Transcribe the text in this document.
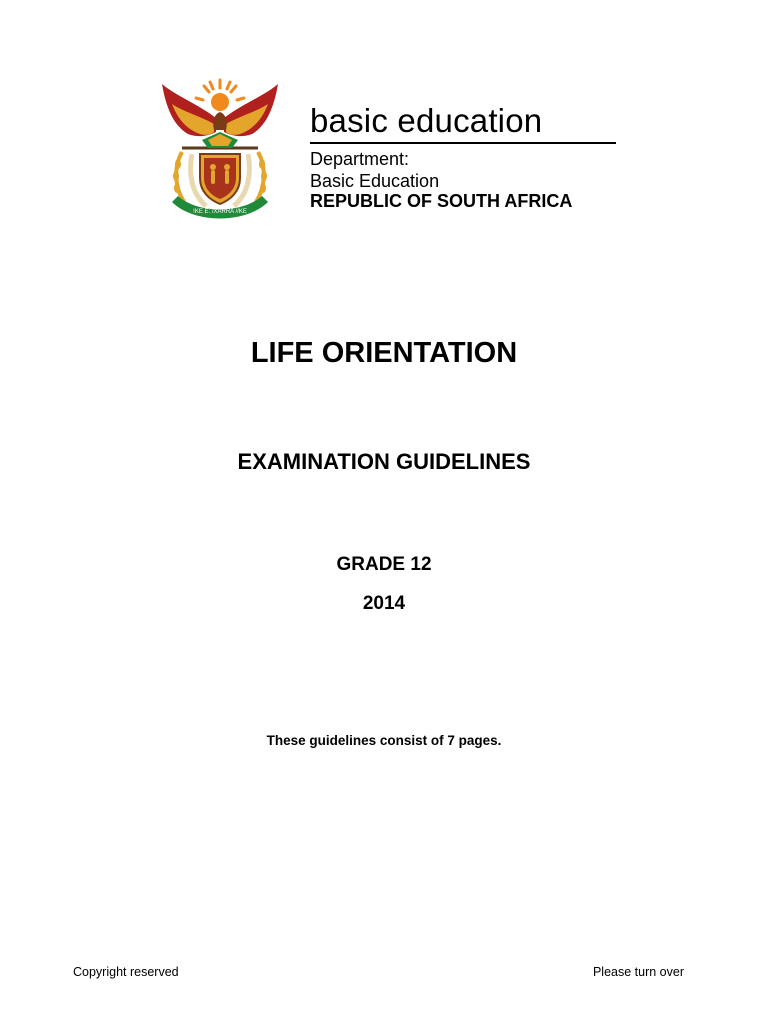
!KE E: /XARRA //KE
basic education
Department:
Basic Education
REPUBLIC OF SOUTH AFRICA
LIFE ORIENTATION
EXAMINATION GUIDELINES
GRADE 12
2014
These guidelines consist of 7 pages.
Copyright reserved	Please turn over
